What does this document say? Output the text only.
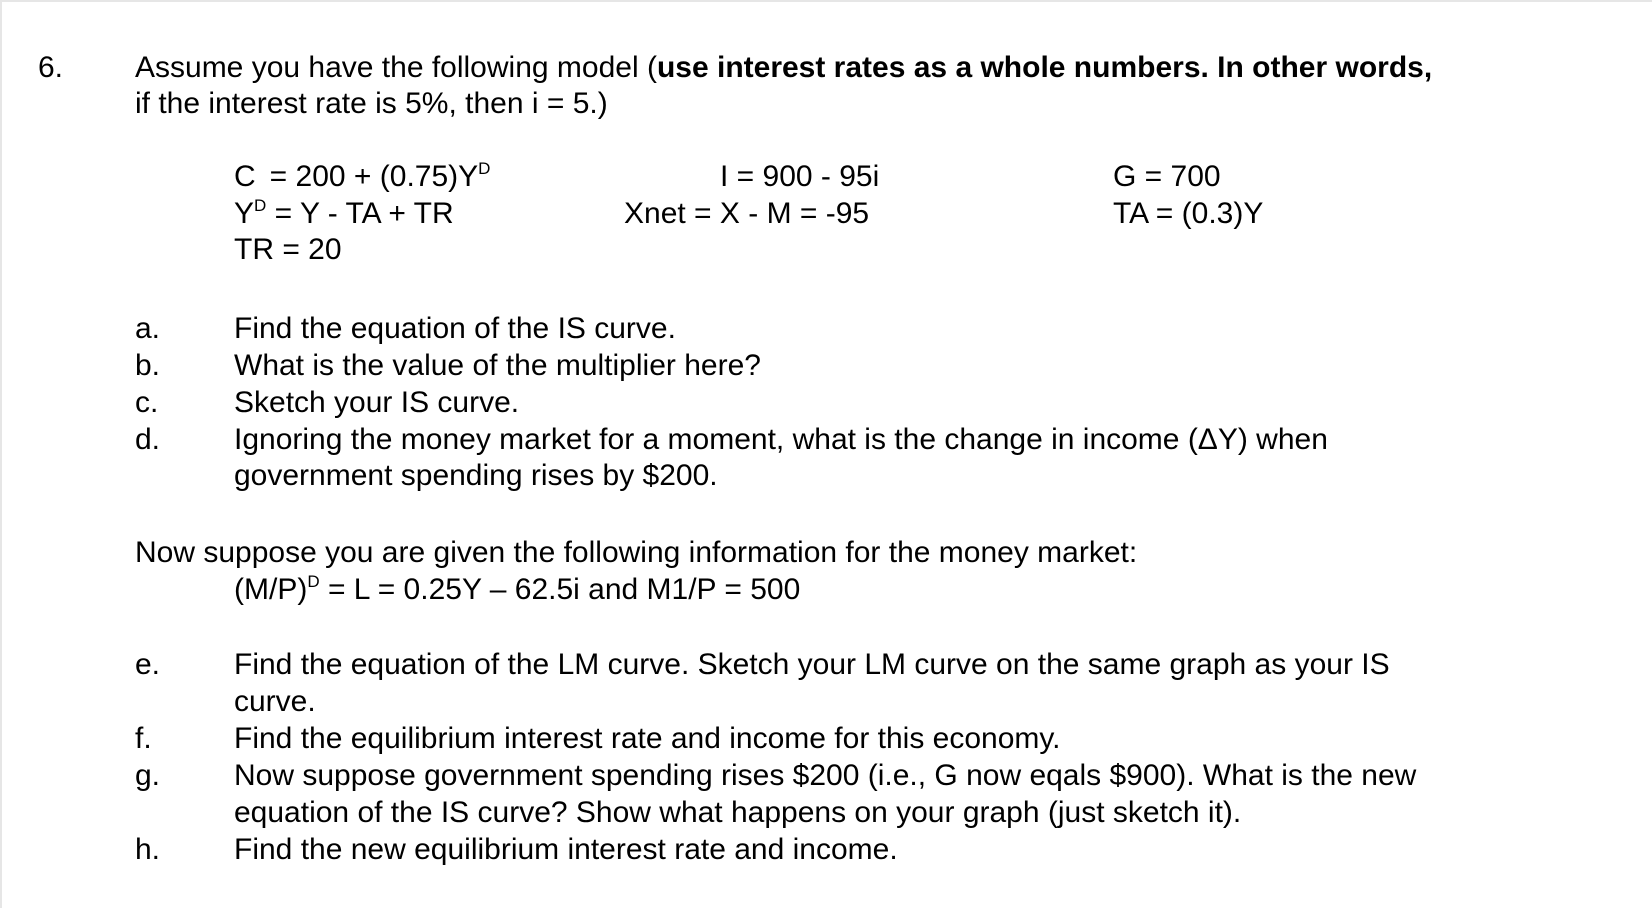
6. Assume you have the following model (use interest rates as a whole numbers. In other words,
if the interest rate is 5%, then i = 5.)
$C = 200 + (0.75)Y^D$
$Y^D = Y$ - TA + TR
TR = 20
I = 900 - 95i
Xnet = X - M = -95
G = 700
TA = (0.3)Y
a. Find the equation of the IS curve.
b. What is the value of the multiplier here?
c.	Sketch your IS curve.
d. Ignoring the money market for a moment, what is the change in income (ΔY) when
government spending rises by $200.
Now suppose you are given the following information for the money market:
$(M/P)^D = L = 0.25Y - 62.5i$ and M1/P = 500
e. Find the equation of the LM curve. Sketch your LM curve on the same graph as your IS
curve.
f.	Find the equilibrium interest rate and income for this economy.
g. Now suppose government spending rises $200 (i.e., G now eqals $900). What is the new
equation of the IS curve? Show what happens on your graph (just sketch it).
h. Find the new equilibrium interest rate and income.
